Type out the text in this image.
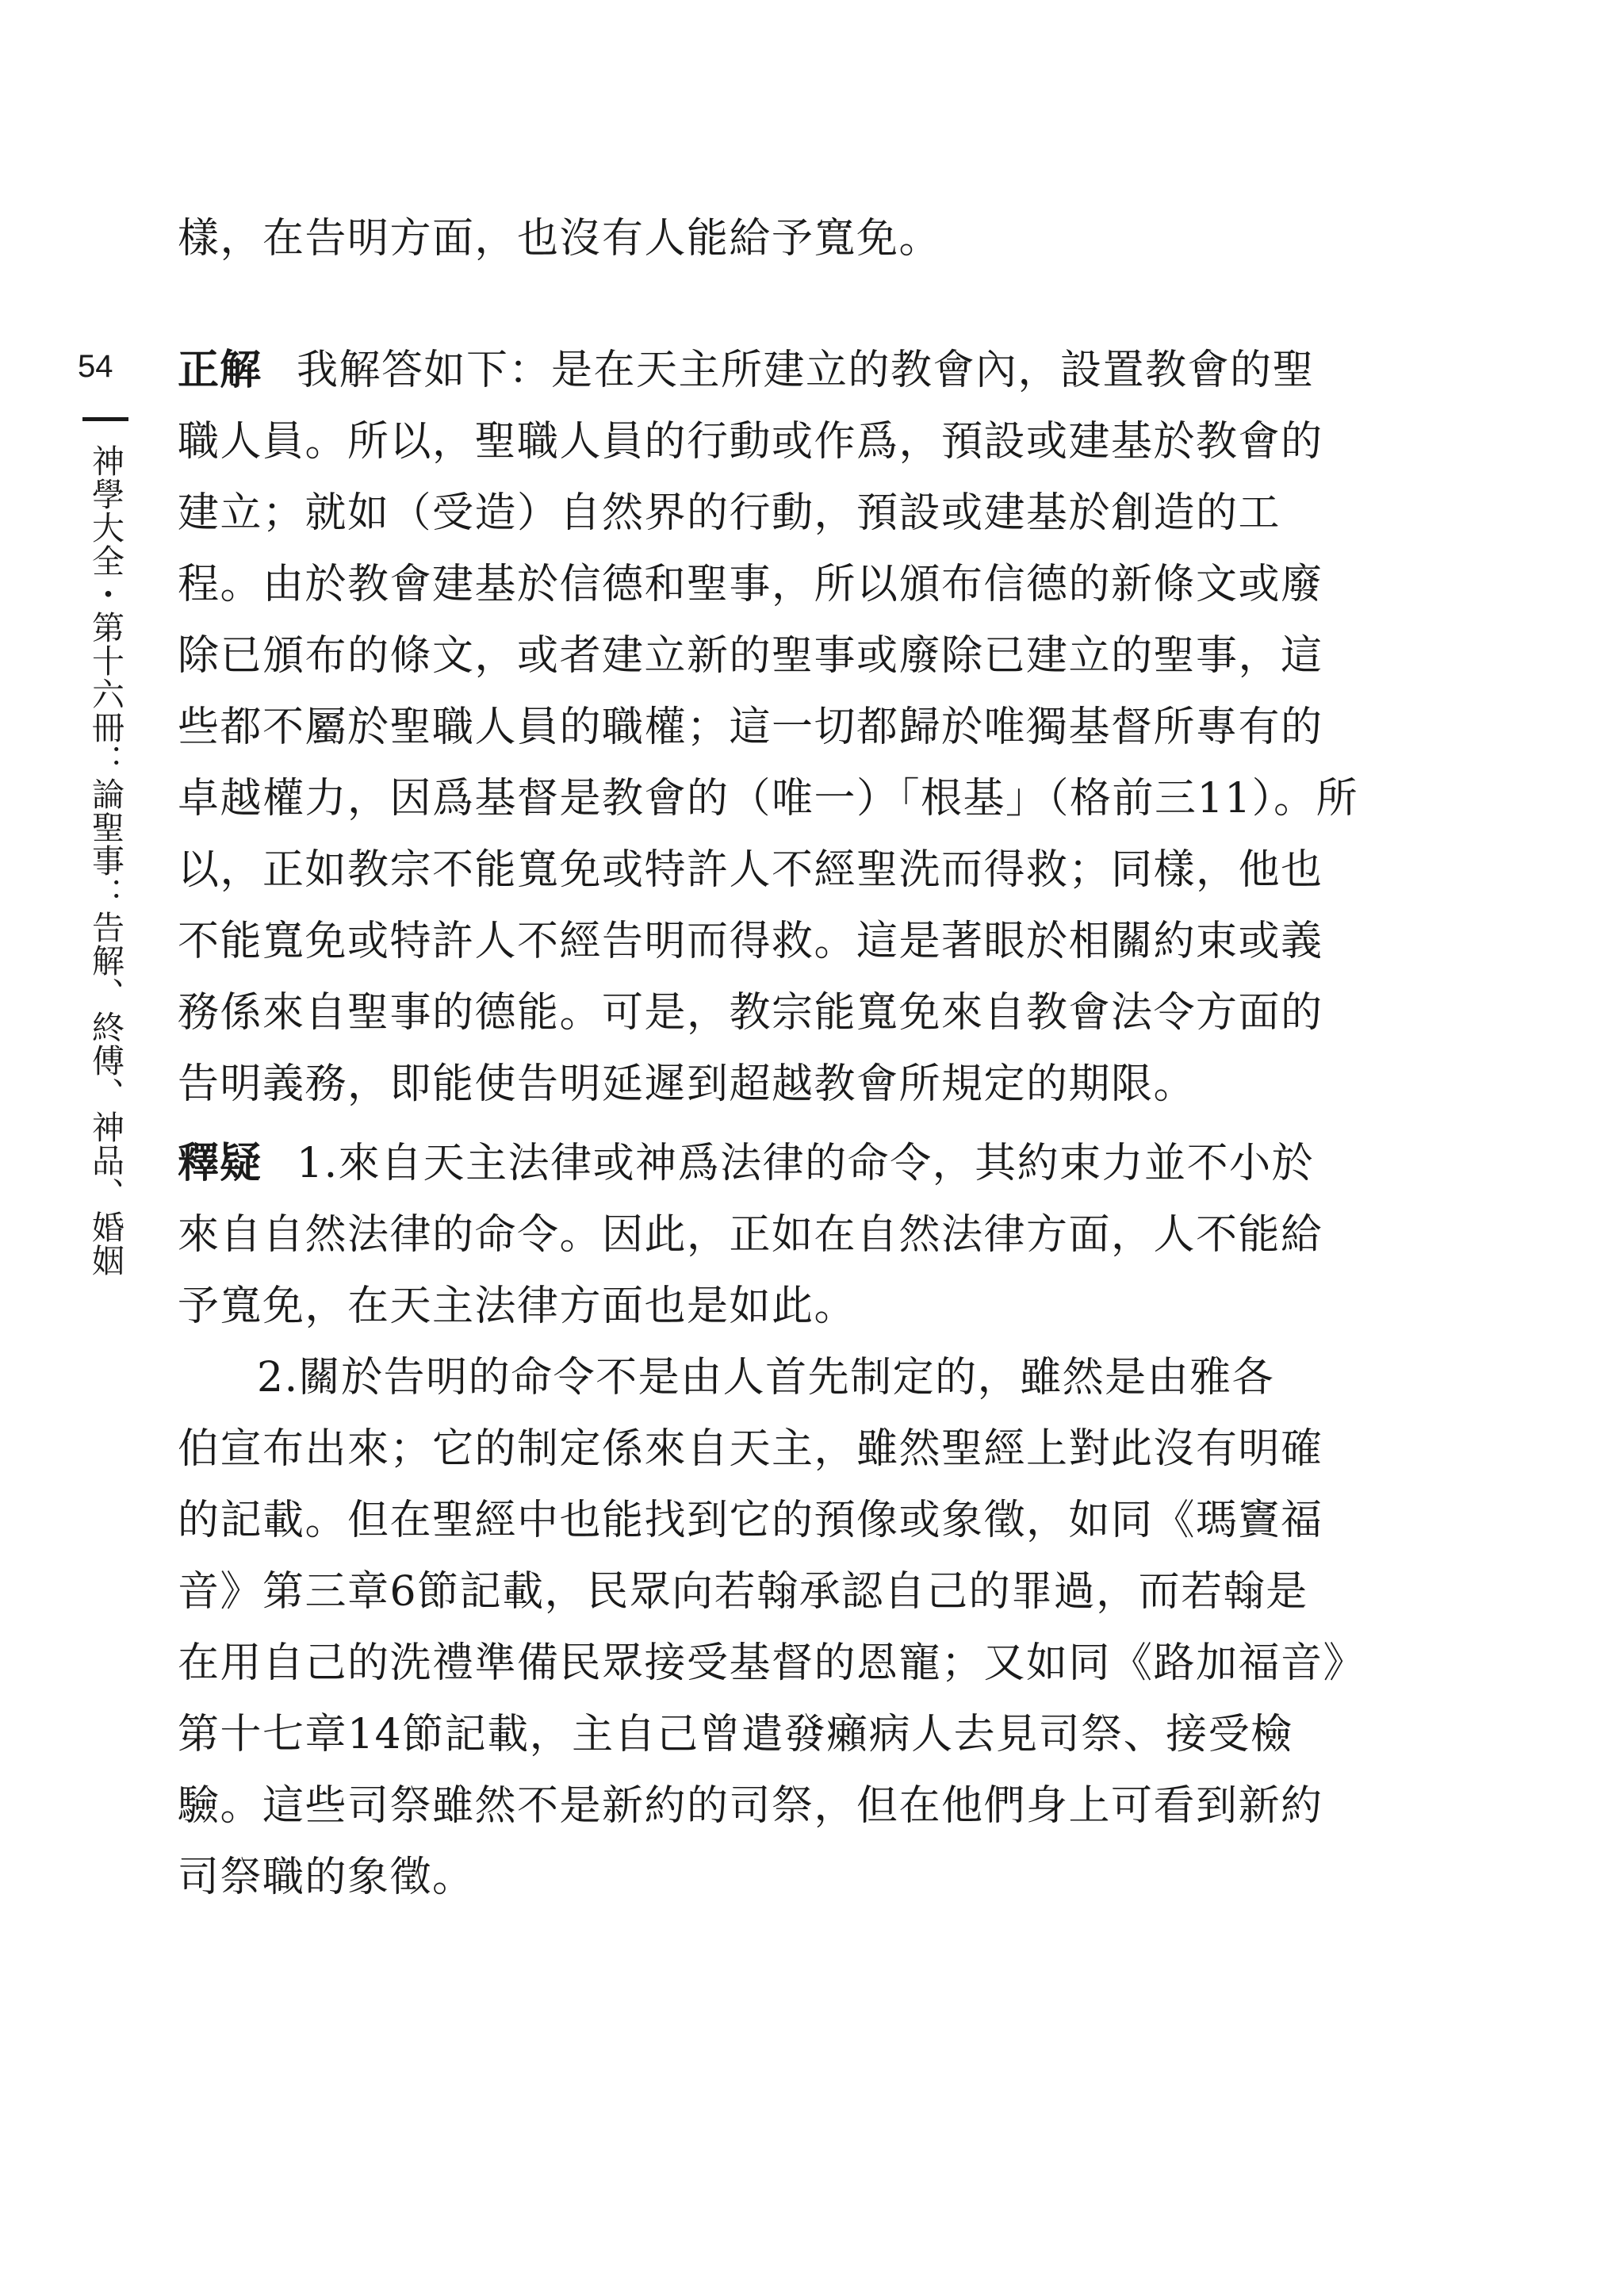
54
神學大全・第十六冊：論聖事：告解、終傅、神品、婚姻
樣，在告明方面，也沒有人能給予寬免。
正解 我解答如下：是在天主所建立的教會內，設置教會的聖
職人員。所以，聖職人員的行動或作爲，預設或建基於教會的
建立；就如（受造）自然界的行動，預設或建基於創造的工
程。由於教會建基於信德和聖事，所以頒布信德的新條文或廢
除已頒布的條文，或者建立新的聖事或廢除已建立的聖事，這
些都不屬於聖職人員的職權；這一切都歸於唯獨基督所專有的
卓越權力，因爲基督是教會的（唯一）「根基」（格前三11）。所
以，正如教宗不能寬免或特許人不經聖洗而得救；同樣，他也
不能寬免或特許人不經告明而得救。這是著眼於相關約束或義
務係來自聖事的德能。可是，教宗能寬免來自教會法令方面的
告明義務，即能使告明延遲到超越教會所規定的期限。
釋疑 1.來自天主法律或神爲法律的命令，其約束力並不小於
來自自然法律的命令。因此，正如在自然法律方面，人不能給
予寬免，在天主法律方面也是如此。
2.關於告明的命令不是由人首先制定的，雖然是由雅各
伯宣布出來；它的制定係來自天主，雖然聖經上對此沒有明確
的記載。但在聖經中也能找到它的預像或象徵，如同《瑪竇福
音》第三章6節記載，民眾向若翰承認自己的罪過，而若翰是
在用自己的洗禮準備民眾接受基督的恩寵；又如同《路加福音》
第十七章14節記載，主自己曾遣發癩病人去見司祭、接受檢
驗。這些司祭雖然不是新約的司祭，但在他們身上可看到新約
司祭職的象徵。
